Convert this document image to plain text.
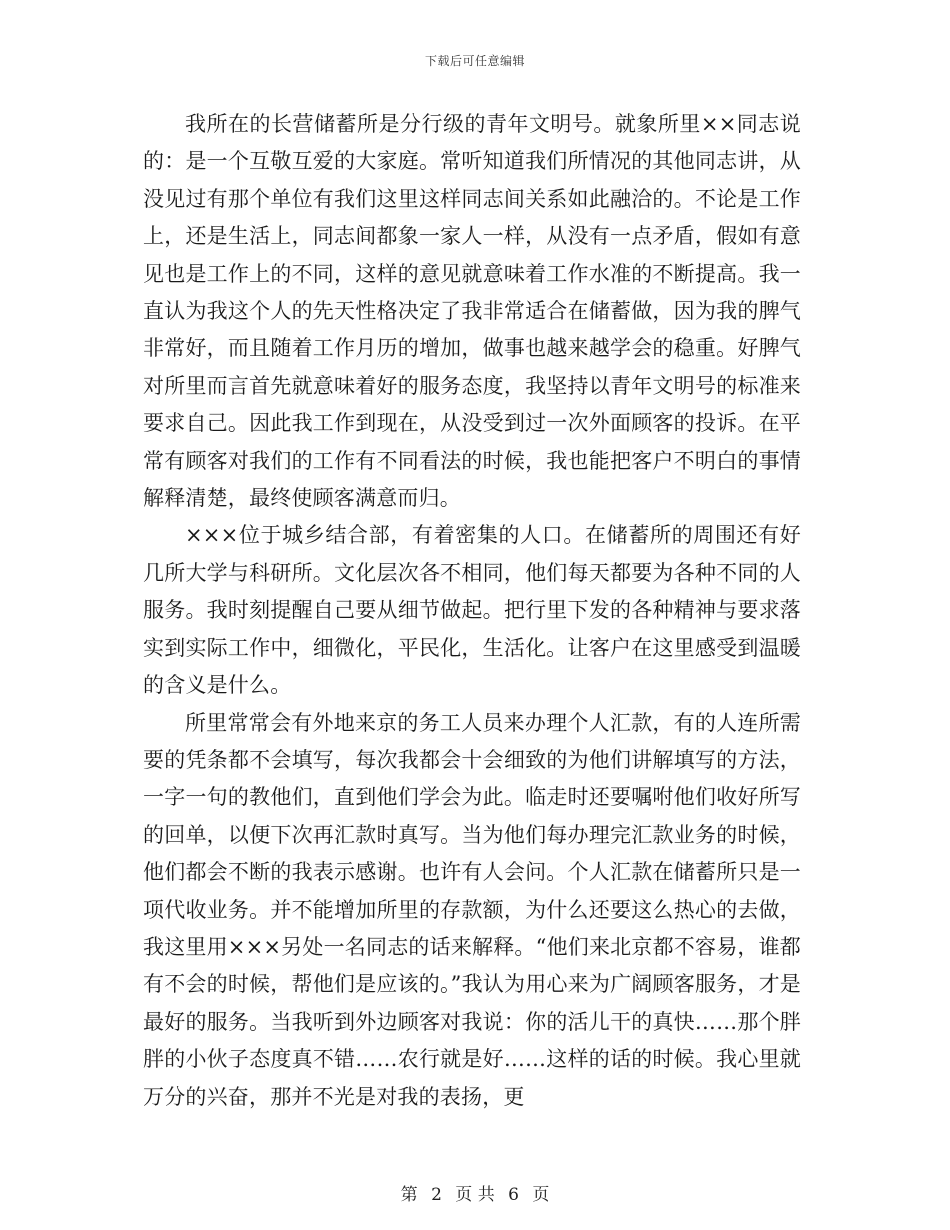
下载后可任意编辑

我所在的长营储蓄所是分行级的青年文明号。就象所里××同志说的：是一个互敬互爱的大家庭。常听知道我们所情况的其他同志讲，从没见过有那个单位有我们这里这样同志间关系如此融洽的。不论是工作上，还是生活上，同志间都象一家人一样，从没有一点矛盾，假如有意见也是工作上的不同，这样的意见就意味着工作水准的不断提高。我一直认为我这个人的先天性格决定了我非常适合在储蓄做，因为我的脾气非常好，而且随着工作月历的增加，做事也越来越学会的稳重。好脾气对所里而言首先就意味着好的服务态度，我坚持以青年文明号的标准来要求自己。因此我工作到现在，从没受到过一次外面顾客的投诉。在平常有顾客对我们的工作有不同看法的时候，我也能把客户不明白的事情解释清楚，最终使顾客满意而归。

×××位于城乡结合部，有着密集的人口。在储蓄所的周围还有好几所大学与科研所。文化层次各不相同，他们每天都要为各种不同的人服务。我时刻提醒自己要从细节做起。把行里下发的各种精神与要求落实到实际工作中，细微化，平民化，生活化。让客户在这里感受到温暖的含义是什么。

所里常常会有外地来京的务工人员来办理个人汇款，有的人连所需要的凭条都不会填写，每次我都会十会细致的为他们讲解填写的方法，一字一句的教他们，直到他们学会为此。临走时还要嘱咐他们收好所写的回单，以便下次再汇款时真写。当为他们每办理完汇款业务的时候，他们都会不断的我表示感谢。也许有人会问。个人汇款在储蓄所只是一项代收业务。并不能增加所里的存款额，为什么还要这么热心的去做，我这里用×××另处一名同志的话来解释。“他们来北京都不容易，谁都有不会的时候，帮他们是应该的。”我认为用心来为广阔顾客服务，才是最好的服务。当我听到外边顾客对我说：你的活儿干的真快……那个胖胖的小伙子态度真不错……农行就是好……这样的话的时候。我心里就万分的兴奋，那并不光是对我的表扬，更

第 2 页 共 6 页
